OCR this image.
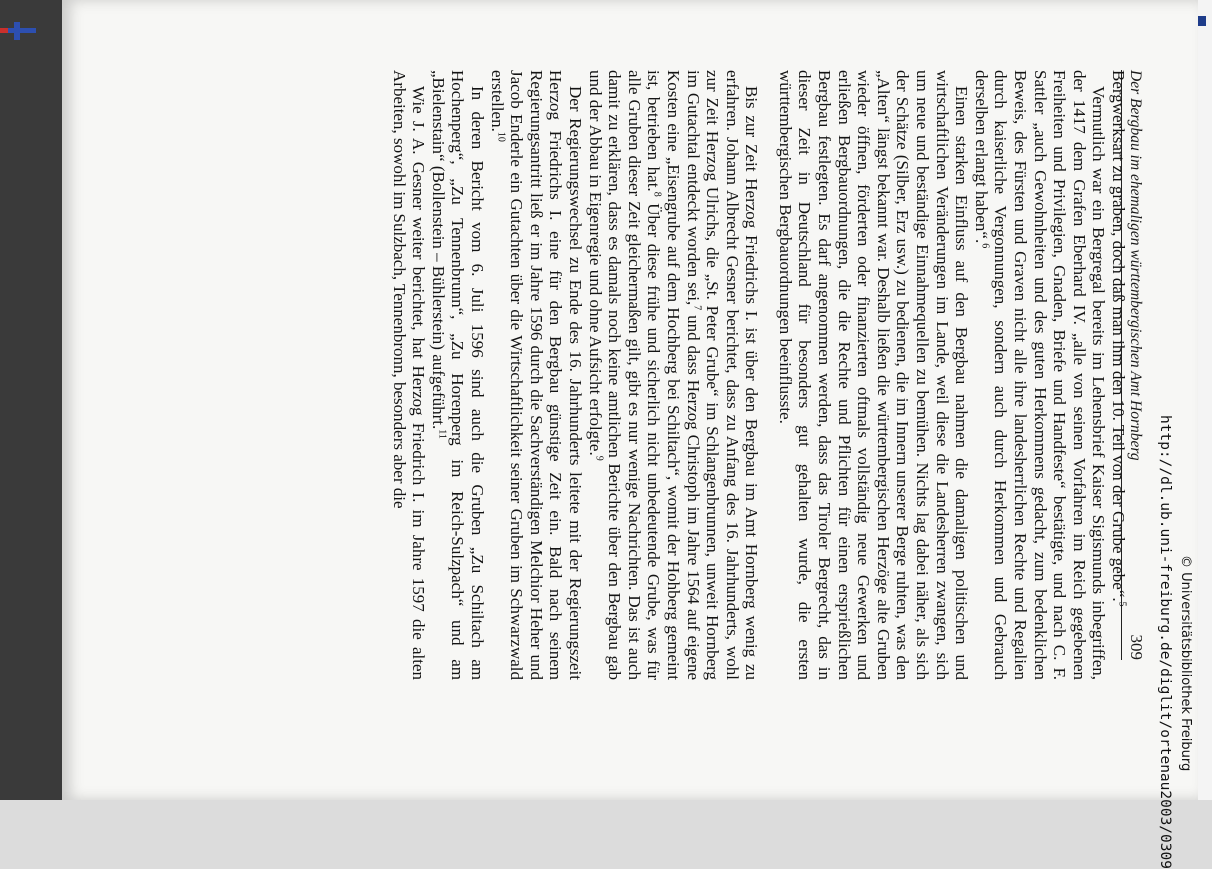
Der Bergbau im ehemaligen württembergischen Amt Hornberg
309

Bergwerksart zu graben, doch daß man ihm den 10. Teil von der Grube gebe“.$^5$

Vermutlich war ein Bergregal bereits im Lehensbrief Kaiser Sigismunds inbegriffen, der 1417 dem Grafen Eberhard IV. „alle von seinen Vorfahren im Reich gegebenen Freiheiten und Privilegien, Gnaden, Briefe und Handfeste“ bestätigte, und nach C. F. Sattler „auch Gewohnheiten und des guten Herkommens gedacht, zum bedenklichen Beweis, des Fürsten und Graven nicht alle ihre landesherrlichen Rechte und Regalien durch kaiserliche Vergonnungen, sondern auch durch Herkommen und Gebrauch derselben erlangt haben“.$^6$

Einen starken Einfluss auf den Bergbau nahmen die damaligen politischen und wirtschaftlichen Veränderungen im Lande, weil diese die Landesherren zwangen, sich um neue und beständige Einnahmequellen zu bemühen. Nichts lag dabei näher, als sich der Schätze (Silber, Erz usw.) zu bedienen, die im Innern unserer Berge ruhten, was den „Alten“ längst bekannt war. Deshalb ließen die württembergischen Herzöge alte Gruben wieder öffnen, förderten oder finanzierten oftmals vollständig neue Gewerken und erließen Bergbauordnungen, die die Rechte und Pflichten für einen ersprießlichen Bergbau festlegten. Es darf angenommen werden, dass das Tiroler Bergrecht, das in dieser Zeit in Deutschland für besonders gut gehalten wurde, die ersten württembergischen Bergbauordnungen beeinflusste.

Bis zur Zeit Herzog Friedrichs I. ist über den Bergbau im Amt Hornberg wenig zu erfahren. Johann Albrecht Gesner berichtet, dass zu Anfang des 16. Jahrhunderts, wohl zur Zeit Herzog Ulrichs, die „St. Peter Grube“ im Schlangenbrunnen, unweit Hornberg im Gutachtal entdeckt worden sei,$^7$ und dass Herzog Christoph im Jahre 1564 auf eigene Kosten eine „Eisengrube auf dem Hochberg bei Schiltach“, womit der Hohberg gemeint ist, betrieben hat.$^8$ Über diese frühe und sicherlich nicht unbedeutende Grube, was für alle Gruben dieser Zeit gleichermaßen gilt, gibt es nur wenige Nachrichten. Das ist auch damit zu erklären, dass es damals noch keine amtlichen Berichte über den Bergbau gab und der Abbau in Eigenregie und ohne Aufsicht erfolgte.$^9$

Der Regierungswechsel zu Ende des 16. Jahrhunderts leitete mit der Regierungszeit Herzog Friedrichs I. eine für den Bergbau günstige Zeit ein. Bald nach seinem Regierungsantritt ließ er im Jahre 1596 durch die Sachverständigen Melchior Heher und Jacob Enderle ein Gutachten über die Wirtschaftlichkeit seiner Gruben im Schwarzwald erstellen.$^{10}$

In deren Bericht vom 6. Juli 1596 sind auch die Gruben „Zu Schiltach am Hochenperg“, „Zu Tennenbrunn“, „Zu Horenperg im Reich-Sulzpach“ und am „Bielenstain“ (Bollenstein – Bühlerstein) aufgeführt.$^{11}$

Wie J. A. Gesner weiter berichtet, hat Herzog Friedrich I. im Jahre 1597 die alten Arbeiten, sowohl im Sulzbach, Tennenbronn, besonders aber die

http://dl.ub.uni-freiburg.de/diglit/ortenau2003/0309 © Universitätsbibliothek Freiburg
